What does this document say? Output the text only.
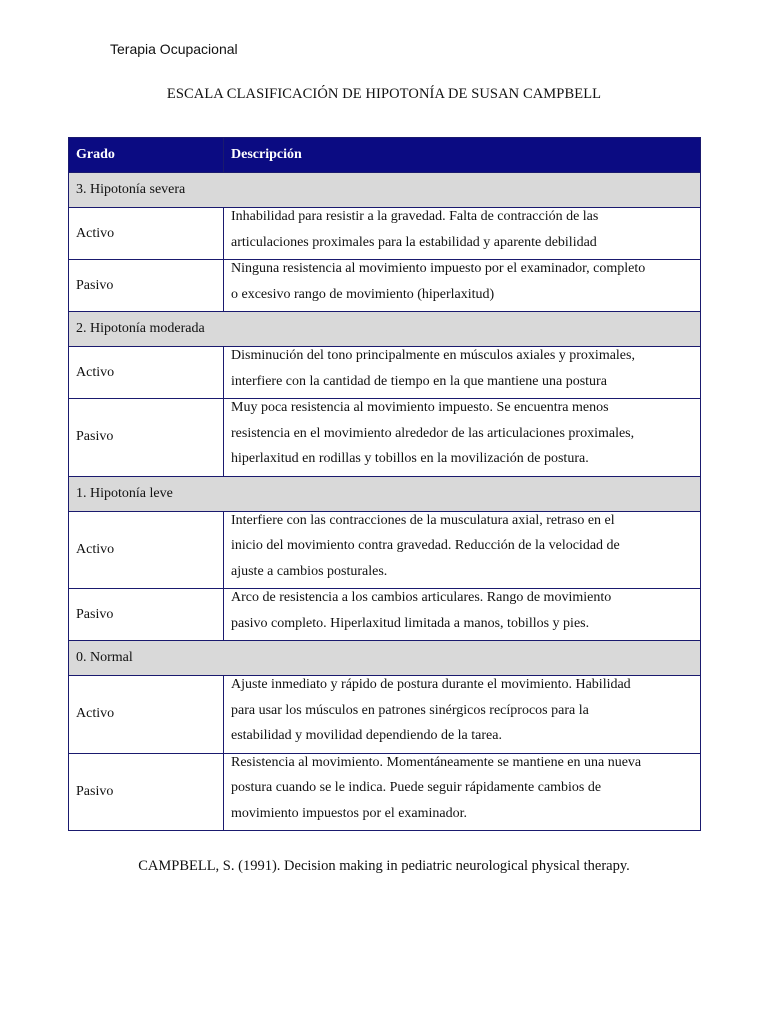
Terapia Ocupacional
ESCALA CLASIFICACIÓN DE HIPOTONÍA DE SUSAN CAMPBELL
Grado	Descripción
3. Hipotonía severa	
Activo	Inhabilidad para resistir a la gravedad. Falta de contracción de las
articulaciones proximales para la estabilidad y aparente debilidad

Pasivo	Ninguna resistencia al movimiento impuesto por el examinador, completo
o excesivo rango de movimiento (hiperlaxitud)

2. Hipotonía moderada	
Activo	Disminución del tono principalmente en músculos axiales y proximales,
interfiere con la cantidad de tiempo en la que mantiene una postura

Pasivo	Muy poca resistencia al movimiento impuesto. Se encuentra menos
resistencia en el movimiento alrededor de las articulaciones proximales,
hiperlaxitud en rodillas y tobillos en la movilización de postura.

1. Hipotonía leve	
Activo	Interfiere con las contracciones de la musculatura axial, retraso en el
inicio del movimiento contra gravedad. Reducción de la velocidad de
ajuste a cambios posturales.

Pasivo	Arco de resistencia a los cambios articulares. Rango de movimiento
pasivo completo. Hiperlaxitud limitada a manos, tobillos y pies.

0. Normal	
Activo	Ajuste inmediato y rápido de postura durante el movimiento. Habilidad
para usar los músculos en patrones sinérgicos recíprocos para la
estabilidad y movilidad dependiendo de la tarea.

Pasivo	Resistencia al movimiento. Momentáneamente se mantiene en una nueva
postura cuando se le indica. Puede seguir rápidamente cambios de
movimiento impuestos por el examinador.
CAMPBELL, S. (1991). Decision making in pediatric neurological physical therapy.
